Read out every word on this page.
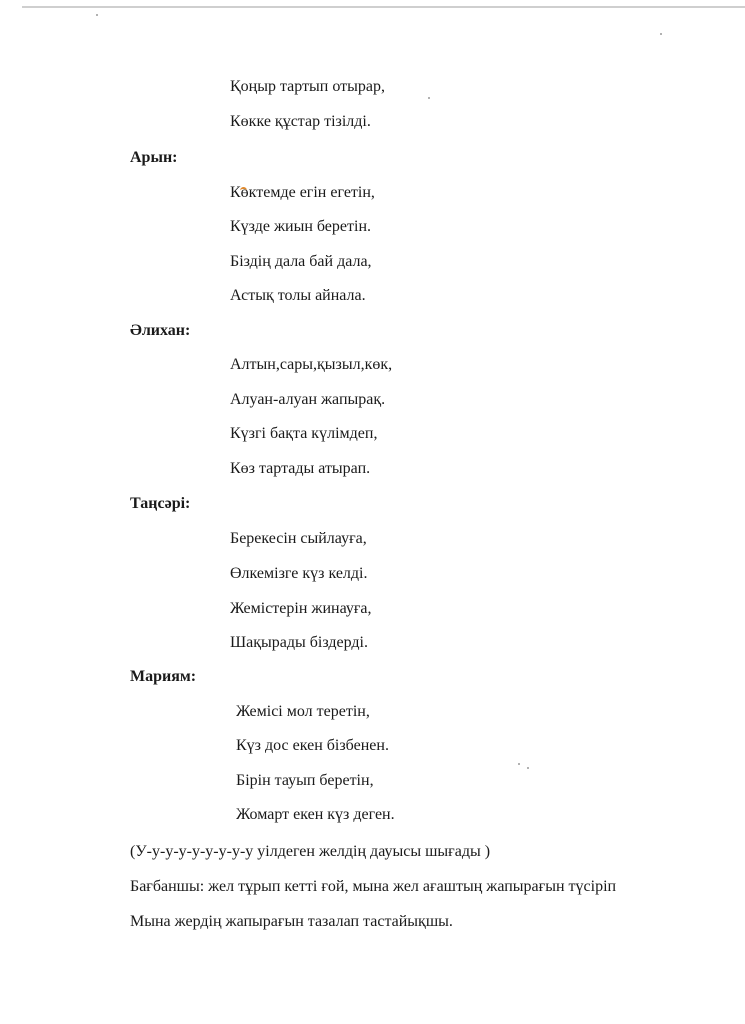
Қоңыр тартып отырар,
Көкке құстар тізілді.
Арын:
Көктемде егін егетін,
Күзде жиын беретін.
Біздің дала бай дала,
Астық толы айнала.
Әлихан:
Алтын,сары,қызыл,көк,
Алуан-алуан жапырақ.
Күзгі бақта күлімдеп,
Көз тартады атырап.
Таңсәрі:
Берекесін сыйлауға,
Өлкемізге күз келді.
Жемістерін жинауға,
Шақырады біздерді.
Мариям:
Жемісі мол теретін,
Күз дос екен бізбенен.
Бірін тауып беретін,
Жомарт екен күз деген.
(У-у-у-у-у-у-у-у-у уілдеген желдің дауысы шығады )
Бағбаншы: жел тұрып кетті ғой, мына жел ағаштың жапырағын түсіріп
Мына жердің жапырағын тазалап тастайықшы.
